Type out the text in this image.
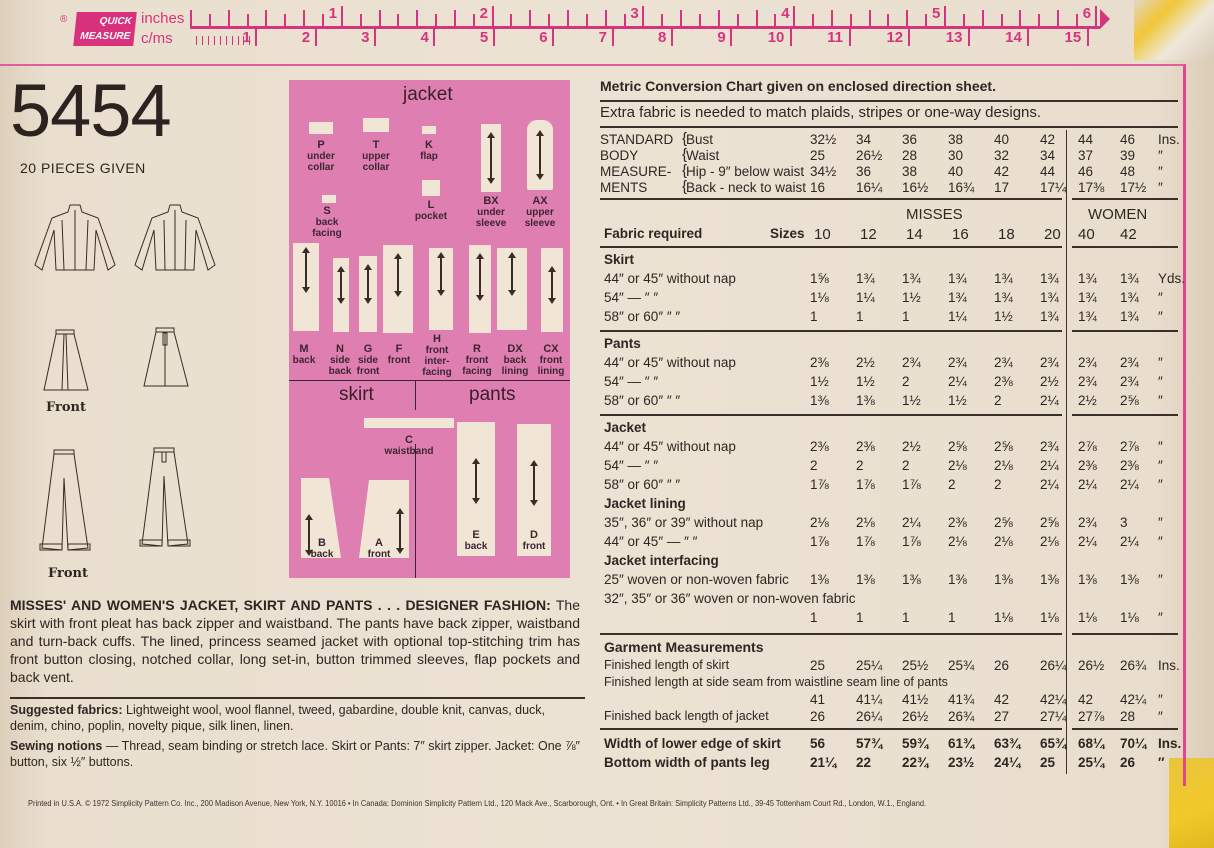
®	QUICK
MEASURE
inches
c/ms
1	2	3	4	5	6
1	2	3	4	5	6	7	8	9	10	11	12	13	14	15
5454
20 PIECES GIVEN
Front
Front
jacket
P
under collar
T
upper collar
K
flap
S
back facing
L
pocket
BX
under sleeve
AX
upper sleeve
M
back
N
side back
G
side front
F
front
H
front inter-facing
R
front facing
DX
back lining
CX
front lining
skirt	pants
C
waistband
B
back
A
front
E
back
D
front
MISSES' AND WOMEN'S JACKET, SKIRT AND PANTS . . . DESIGNER FASHION: The skirt with front pleat has back zipper and waistband. The pants have back zipper, waistband and turn-back cuffs. The lined, princess seamed jacket with optional top-stitching trim has front button closing, notched collar, long set-in, button trimmed sleeves, flap pockets and back vent.

Suggested fabrics: Lightweight wool, wool flannel, tweed, gabardine, double knit, canvas, duck, denim, chino, poplin, novelty pique, silk linen, linen.

Sewing notions — Thread, seam binding or stretch lace. Skirt or Pants: 7″ skirt zipper. Jacket: One ⅞″ button, six ½″ buttons.

Printed in U.S.A. © 1972 Simplicity Pattern Co. Inc., 200 Madison Avenue, New York, N.Y. 10016 • In Canada: Dominion Simplicity Pattern Ltd., 120 Mack Ave., Scarborough, Ont. • In Great Britain: Simplicity Patterns Ltd., 39-45 Tottenham Court Rd., London, W.1., England.
Metric Conversion Chart given on enclosed direction sheet.
Extra fabric is needed to match plaids, stripes or one-way designs.
STANDARD
BODY
MEASURE-
MENTS
{
Bust	32½ 34 36 38 40 42 44 46 Ins.
{
Waist	25 26½ 28 30 32 34 37 39 ″
{
Hip - 9″ below waist 34½ 36 38 40 42 44 46 48 ″
{
Back - neck to waist 16 16¼ 16½ 16¾ 17 17¼ 17⅜ 17½ ″
MISSES	WOMEN
Fabric required	Sizes 10 12 14 16 18 20 40 42
Skirt
44″ or 45″ without nap	1⅝ 1¾ 1¾ 1¾ 1¾ 1¾ 1¾ 1¾ Yds.
54″ — ″ ″	1⅛ 1¼ 1½ 1¾ 1¾ 1¾ 1¾ 1¾ ″
58″ or 60″ ″ ″	1	1	1	1¼ 1½ 1¾ 1¾ 1¾ ″
Pants
44″ or 45″ without nap	2⅜ 2½ 2¾ 2¾ 2¾ 2¾ 2¾ 2¾ ″
54″ — ″ ″	1½ 1½ 2	2¼ 2⅜ 2½ 2¾ 2¾ ″
58″ or 60″ ″ ″	1⅜ 1⅜ 1½ 1½ 2	2¼ 2½ 2⅝ ″
Jacket
44″ or 45″ without nap	2⅜ 2⅜ 2½ 2⅝ 2⅝ 2¾ 2⅞ 2⅞ ″
54″ — ″ ″	2	2	2	2⅛ 2⅛ 2¼ 2⅜ 2⅜ ″
58″ or 60″ ″ ″	1⅞ 1⅞ 1⅞ 2	2	2¼ 2¼ 2¼ ″
Jacket lining
35″, 36″ or 39″ without nap	2⅛ 2⅛ 2¼ 2⅜ 2⅝ 2⅝ 2¾ 3 ″
44″ or 45″ — ″ ″	1⅞ 1⅞ 1⅞ 2⅛ 2⅛ 2⅛ 2¼ 2¼ ″
Jacket interfacing
25″ woven or non-woven fabric 1⅜ 1⅜ 1⅜ 1⅜ 1⅜ 1⅜ 1⅜ 1⅜ ″
32″, 35″ or 36″ woven or non-woven fabric
1	1	1	1	1⅛ 1⅛ 1⅛ 1⅛ ″
Garment Measurements
Finished length of skirt	25 25¼ 25½ 25¾ 26 26¼ 26½ 26¾ Ins.
Finished length at side seam from waistline seam line of pants
41 41¼ 41½ 41¾ 42 42¼ 42 42¼ ″
Finished back length of jacket	26 26¼ 26½ 26¾ 27 27¼ 27⅞ 28 ″
Width of lower edge of skirt 56 57¾ 59¾ 61¾ 63¾ 65¾ 68¼ 70¼ Ins.
Bottom width of pants leg	21¼ 22 22¾ 23½ 24¼ 25 25¼ 26 ″
